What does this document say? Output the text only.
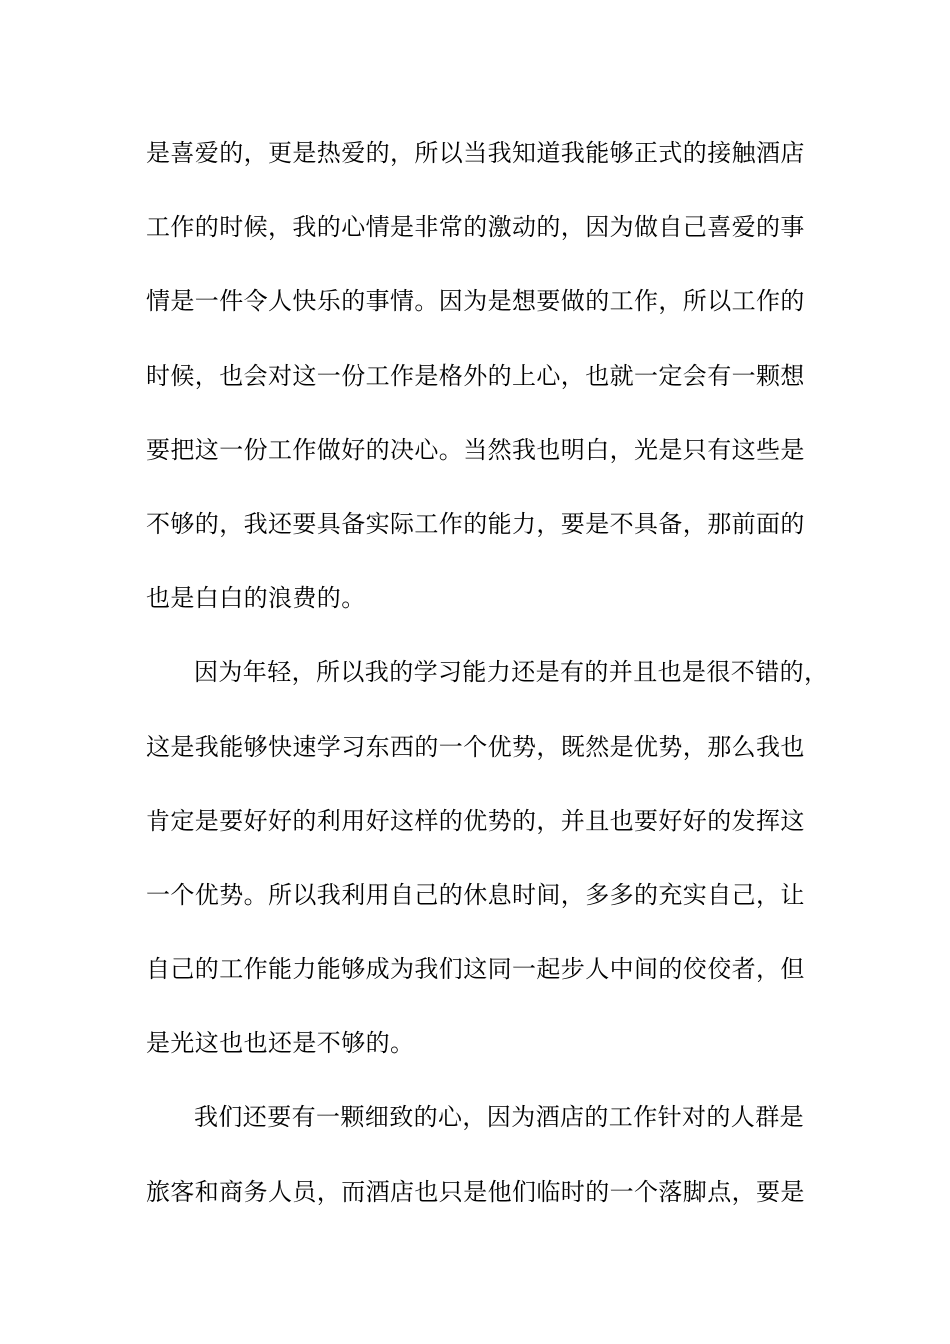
是喜爱的，更是热爱的，所以当我知道我能够正式的接触酒店
工作的时候，我的心情是非常的激动的，因为做自己喜爱的事
情是一件令人快乐的事情。因为是想要做的工作，所以工作的
时候，也会对这一份工作是格外的上心，也就一定会有一颗想
要把这一份工作做好的决心。当然我也明白，光是只有这些是
不够的，我还要具备实际工作的能力，要是不具备，那前面的
也是白白的浪费的。
因为年轻，所以我的学习能力还是有的并且也是很不错的，
这是我能够快速学习东西的一个优势，既然是优势，那么我也
肯定是要好好的利用好这样的优势的，并且也要好好的发挥这
一个优势。所以我利用自己的休息时间，多多的充实自己，让
自己的工作能力能够成为我们这同一起步人中间的佼佼者，但
是光这也也还是不够的。
我们还要有一颗细致的心，因为酒店的工作针对的人群是
旅客和商务人员，而酒店也只是他们临时的一个落脚点，要是
